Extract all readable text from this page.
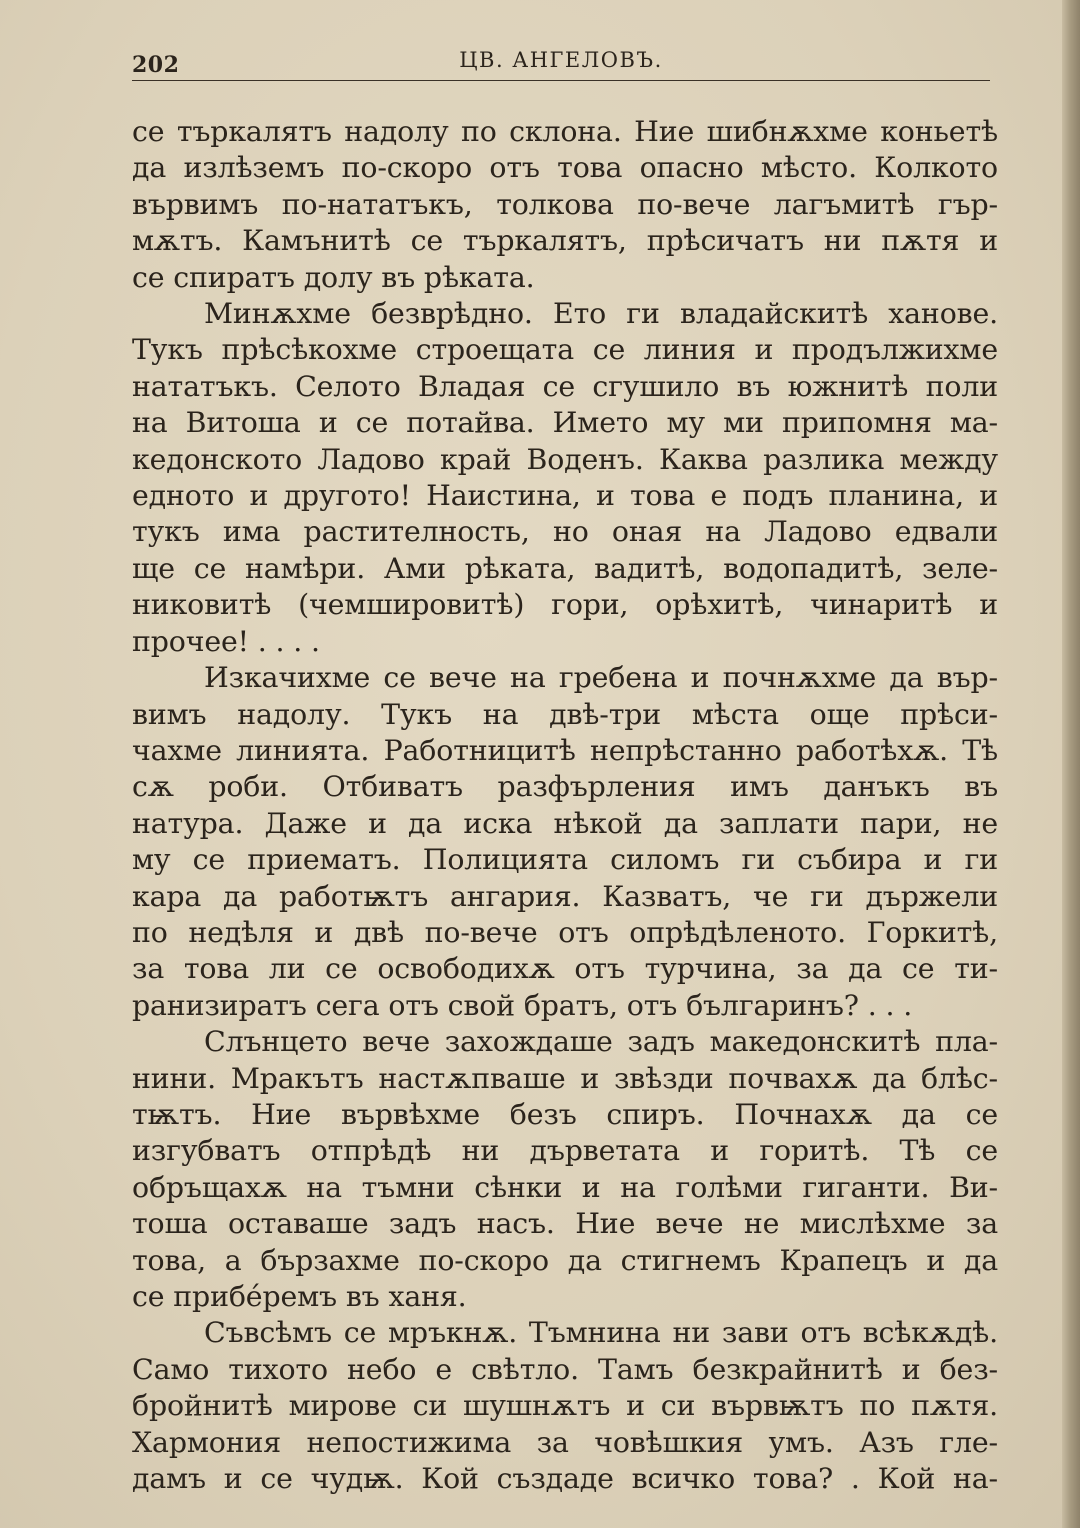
202	ЦВ. АНГЕЛОВЪ.
се търкалятъ надолу по склона. Ние шибнѫхме коньетѣ
да излѣземъ по-скоро отъ това опасно мѣсто. Колкото
вървимъ по-нататъкъ, толкова по-вече лагъмитѣ гър-
мѫтъ. Камънитѣ се търкалятъ, прѣсичатъ ни пѫтя и
се спиратъ долу въ рѣката.
Минѫхме безврѣдно. Ето ги владайскитѣ ханове.
Тукъ прѣсѣкохме строещата се линия и продължихме
нататъкъ. Селото Владая се сгушило въ южнитѣ поли
на Витоша и се потайва. Името му ми припомня ма-
кедонското Ладово край Воденъ. Каква разлика между
едното и другото! Наистина, и това е подъ планина, и
тукъ има растителность, но оная на Ладово едвали
ще се намѣри. Ами рѣката, вадитѣ, водопадитѣ, зеле-
никовитѣ (чемшировитѣ) гори, орѣхитѣ, чинаритѣ и
прочее! . . . .
Изкачихме се вече на гребена и почнѫхме да вър-
вимъ надолу. Тукъ на двѣ-три мѣста още прѣси-
чахме линията. Работницитѣ непрѣстанно работѣхѫ. Тѣ
сѫ роби. Отбиватъ разфърления имъ данъкъ въ
натура. Даже и да иска нѣкой да заплати пари, не
му се приематъ. Полицията силомъ ги събира и ги
кара да работѭтъ ангария. Казватъ, че ги държели
по недѣля и двѣ по-вече отъ опрѣдѣленото. Горкитѣ,
за това ли се освободихѫ отъ турчина, за да се ти-
ранизиратъ сега отъ свой братъ, отъ българинъ? . . .
Слънцето вече захождаше задъ македонскитѣ пла-
нини. Мракътъ настѫпваше и звѣзди почвахѫ да блѣс-
тѭтъ. Ние вървѣхме безъ спиръ. Почнахѫ да се
изгубватъ отпрѣдѣ ни дърветата и горитѣ. Тѣ се
обръщахѫ на тъмни сѣнки и на голѣми гиганти. Ви-
тоша оставаше задъ насъ. Ние вече не мислѣхме за
това, а бързахме по-скоро да стигнемъ Крапецъ и да
се прибéремъ въ ханя.
Съвсѣмъ се мръкнѫ. Тъмнина ни зави отъ всѣкѫдѣ.
Само тихото небо е свѣтло. Тамъ безкрайнитѣ и без-
бройнитѣ мирове си шушнѫтъ и си вървѭтъ по пѫтя.
Хармония непостижима за човѣшкия умъ. Азъ гле-
дамъ и се чудѭ. Кой създаде всичко това? . Кой на-
